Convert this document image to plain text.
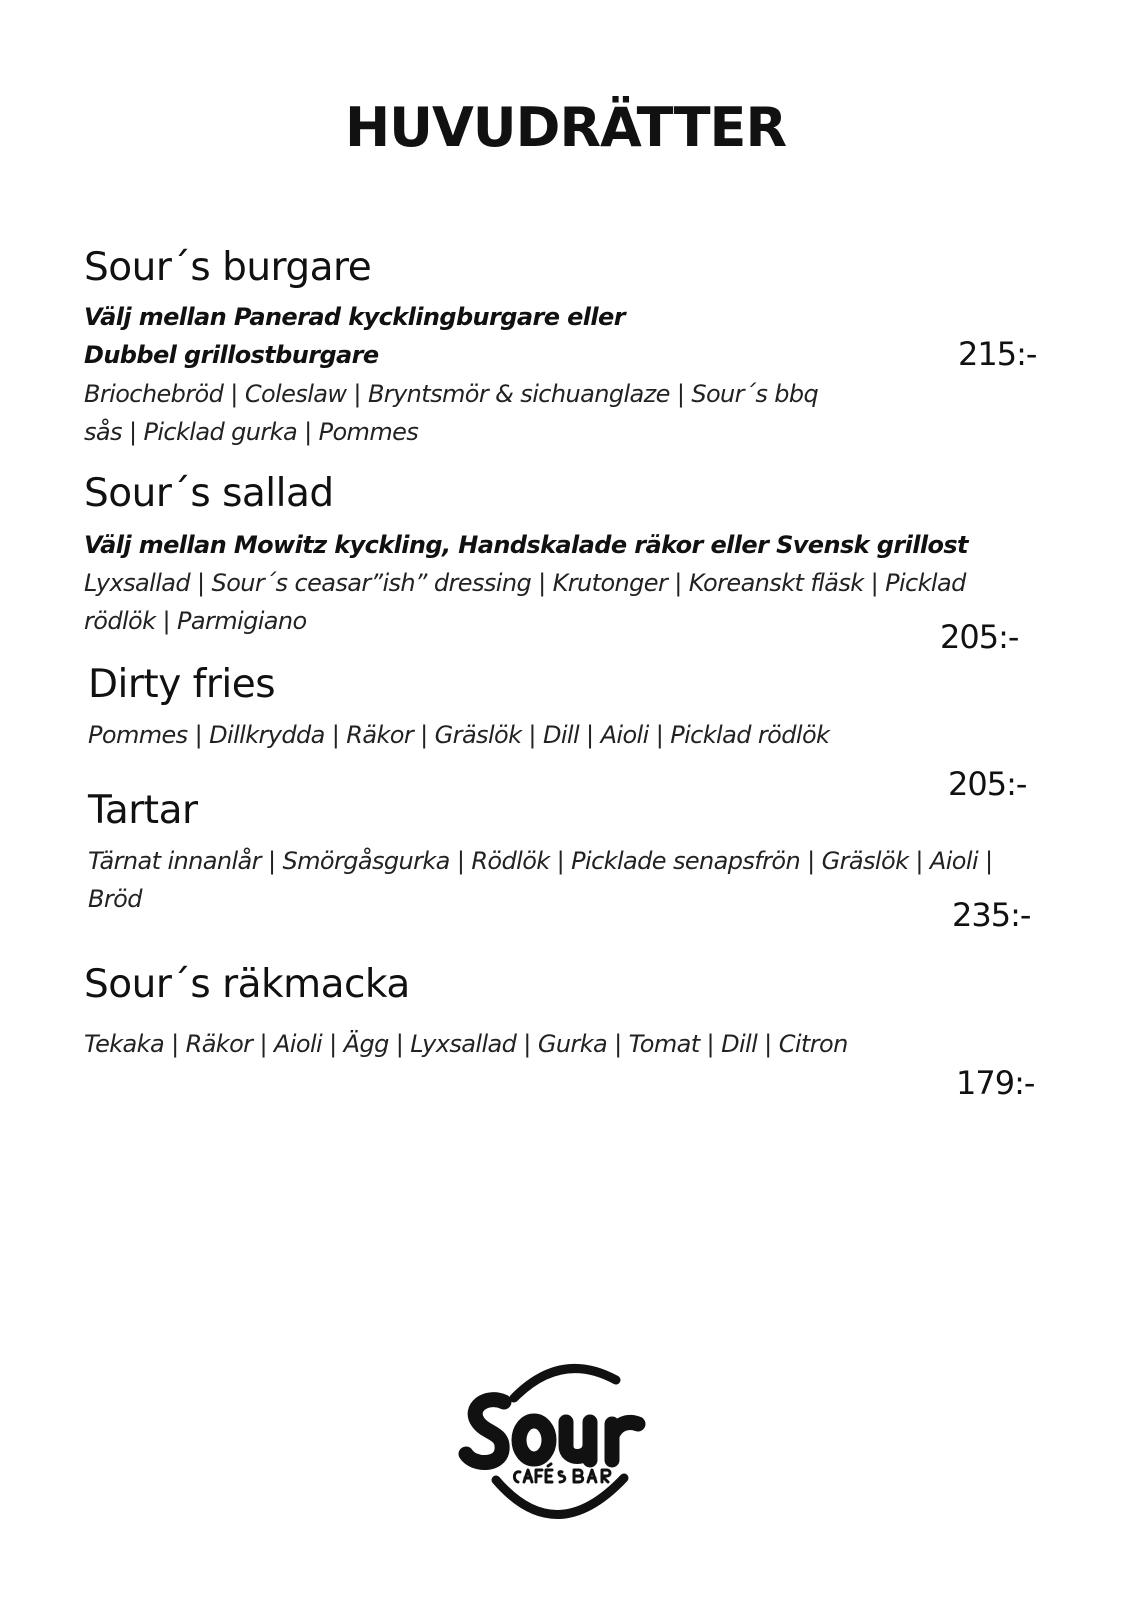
HUVUDRÄTTER
Sour´s burgare
Välj mellan Panerad kycklingburgare eller Dubbel grillostburgare
Briochebröd | Coleslaw | Bryntsmör & sichuanglaze | Sour´s bbq sås | Picklad gurka | Pommes
215:-
Sour´s sallad
Välj mellan Mowitz kyckling, Handskalade räkor eller Svensk grillost
Lyxsallad | Sour´s ceasar”ish” dressing | Krutonger | Koreanskt fläsk | Picklad rödlök | Parmigiano	205:-
Dirty fries
Pommes | Dillkrydda | Räkor | Gräslök | Dill | Aioli | Picklad rödlök
205:-
Tartar
Tärnat innanlår | Smörgåsgurka | Rödlök | Picklade senapsfrön | Gräslök | Aioli | Bröd	235:-
Sour´s räkmacka
Tekaka | Räkor | Aioli | Ägg | Lyxsallad | Gurka | Tomat | Dill | Citron
179:-
